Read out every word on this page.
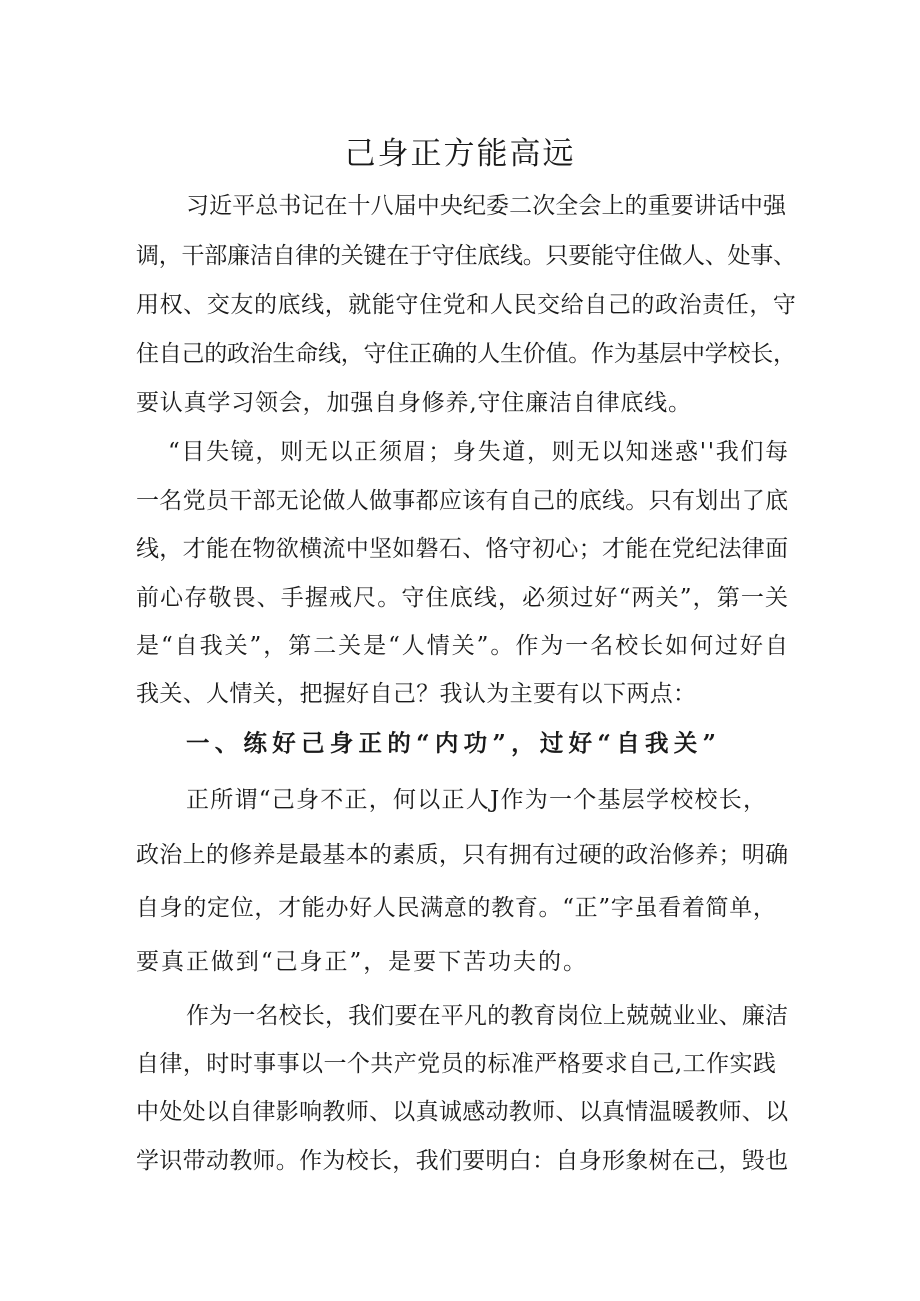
己身正方能高远
习近平总书记在十八届中央纪委二次全会上的重要讲话中强
调，干部廉洁自律的关键在于守住底线。只要能守住做人、处事、
用权、交友的底线，就能守住党和人民交给自己的政治责任，守
住自己的政治生命线，守住正确的人生价值。作为基层中学校长，
要认真学习领会，加强自身修养,守住廉洁自律底线。
“目失镜，则无以正须眉；身失道，则无以知迷惑''我们每
一名党员干部无论做人做事都应该有自己的底线。只有划出了底
线，才能在物欲横流中坚如磐石、恪守初心；才能在党纪法律面
前心存敬畏、手握戒尺。守住底线，必须过好“两关”，第一关
是“自我关”，第二关是“人情关”。作为一名校长如何过好自
我关、人情关，把握好自己？我认为主要有以下两点：
一、练好己身正的“内功”，过好“自我关”
正所谓“己身不正，何以正人J作为一个基层学校校长，
政治上的修养是最基本的素质，只有拥有过硬的政治修养；明确
自身的定位，才能办好人民满意的教育。“正”字虽看着简单，
要真正做到“己身正”，是要下苦功夫的。
作为一名校长，我们要在平凡的教育岗位上兢兢业业、廉洁
自律，时时事事以一个共产党员的标准严格要求自己,工作实践
中处处以自律影响教师、以真诚感动教师、以真情温暖教师、以
学识带动教师。作为校长，我们要明白：自身形象树在己，毁也
